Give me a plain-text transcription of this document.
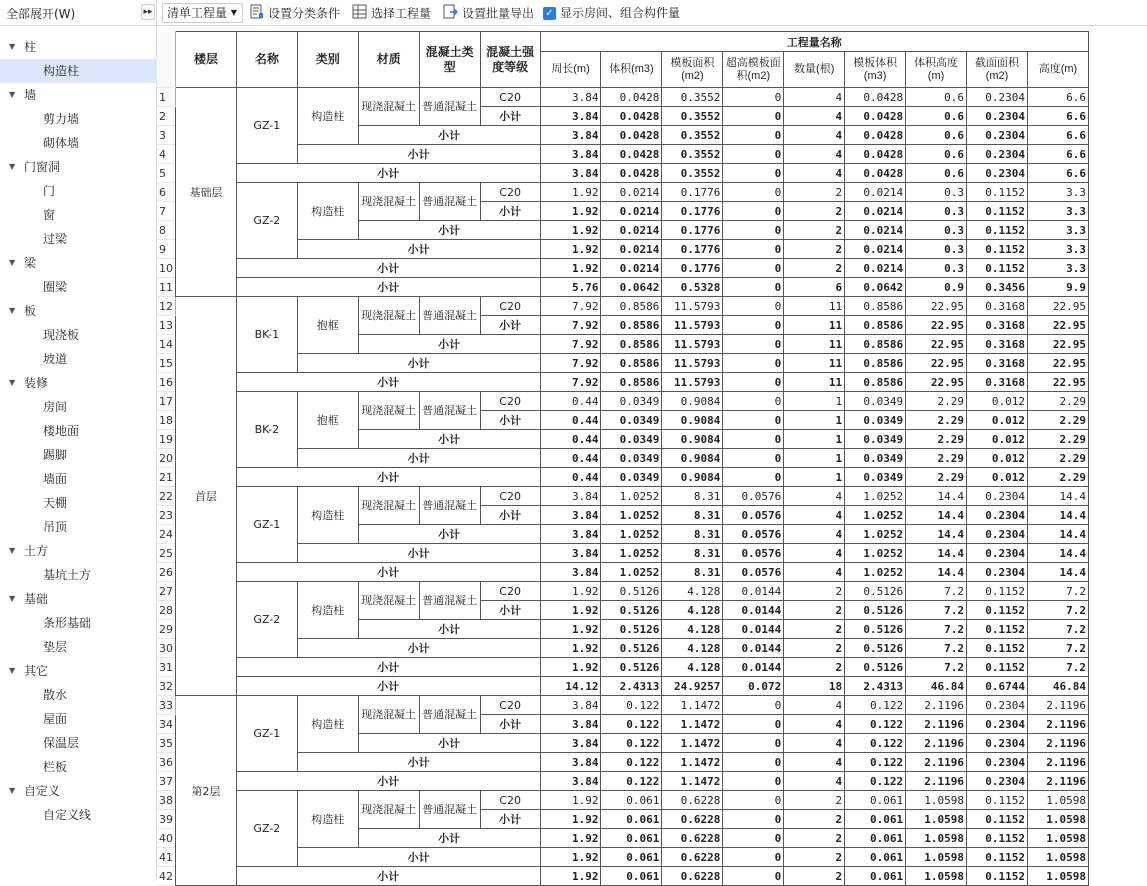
全部展开(W)	▸▸
▼ 柱
构造柱
▼ 墙
剪力墙
砌体墙
▼ 门窗洞
门
窗
过梁
▼ 梁
圈梁
▼ 板
现浇板
坡道
▼ 装修
房间
楼地面
踢脚
墙面
天棚
吊顶
▼ 土方
基坑土方
▼ 基础
条形基础
垫层
▼ 其它
散水
屋面
保温层
栏板
▼ 自定义
自定义线
清单工程量 ▼	设置分类条件	选择工程量	设置批量导出 ✓ 显示房间、组合构件量
	楼层	名称	类别	材质	混凝土类型	混凝土强度等级	工程量名称								
							周长(m)	体积(m3)	模板面积(m2)	超高模板面积(m2)	数量(根)	模板体积(m3)	体积高度(m)	截面面积(m2)	高度(m)
1	基础层	GZ-1	构造柱	现浇混凝土	普通混凝土	C20	3.84	0.0428	0.3552	0	4	0.0428	0.6	0.2304	6.6
2						小计	3.84	0.0428	0.3552	0	4	0.0428	0.6	0.2304	6.6
3				小计			3.84	0.0428	0.3552	0	4	0.0428	0.6	0.2304	6.6
4			小计				3.84	0.0428	0.3552	0	4	0.0428	0.6	0.2304	6.6
5		小计					3.84	0.0428	0.3552	0	4	0.0428	0.6	0.2304	6.6
6		GZ-2	构造柱	现浇混凝土	普通混凝土	C20	1.92	0.0214	0.1776	0	2	0.0214	0.3	0.1152	3.3
7						小计	1.92	0.0214	0.1776	0	2	0.0214	0.3	0.1152	3.3
8				小计			1.92	0.0214	0.1776	0	2	0.0214	0.3	0.1152	3.3
9			小计				1.92	0.0214	0.1776	0	2	0.0214	0.3	0.1152	3.3
10		小计					1.92	0.0214	0.1776	0	2	0.0214	0.3	0.1152	3.3
11		小计					5.76	0.0642	0.5328	0	6	0.0642	0.9	0.3456	9.9
12	首层	BK-1	抱框	现浇混凝土	普通混凝土	C20	7.92	0.8586	11.5793	0	11	0.8586	22.95	0.3168	22.95
13						小计	7.92	0.8586	11.5793	0	11	0.8586	22.95	0.3168	22.95
14				小计			7.92	0.8586	11.5793	0	11	0.8586	22.95	0.3168	22.95
15			小计				7.92	0.8586	11.5793	0	11	0.8586	22.95	0.3168	22.95
16		小计					7.92	0.8586	11.5793	0	11	0.8586	22.95	0.3168	22.95
17		BK-2	抱框	现浇混凝土	普通混凝土	C20	0.44	0.0349	0.9084	0	1	0.0349	2.29	0.012	2.29
18						小计	0.44	0.0349	0.9084	0	1	0.0349	2.29	0.012	2.29
19				小计			0.44	0.0349	0.9084	0	1	0.0349	2.29	0.012	2.29
20			小计				0.44	0.0349	0.9084	0	1	0.0349	2.29	0.012	2.29
21		小计					0.44	0.0349	0.9084	0	1	0.0349	2.29	0.012	2.29
22		GZ-1	构造柱	现浇混凝土	普通混凝土	C20	3.84	1.0252	8.31	0.0576	4	1.0252	14.4	0.2304	14.4
23						小计	3.84	1.0252	8.31	0.0576	4	1.0252	14.4	0.2304	14.4
24				小计			3.84	1.0252	8.31	0.0576	4	1.0252	14.4	0.2304	14.4
25			小计				3.84	1.0252	8.31	0.0576	4	1.0252	14.4	0.2304	14.4
26		小计					3.84	1.0252	8.31	0.0576	4	1.0252	14.4	0.2304	14.4
27		GZ-2	构造柱	现浇混凝土	普通混凝土	C20	1.92	0.5126	4.128	0.0144	2	0.5126	7.2	0.1152	7.2
28						小计	1.92	0.5126	4.128	0.0144	2	0.5126	7.2	0.1152	7.2
29				小计			1.92	0.5126	4.128	0.0144	2	0.5126	7.2	0.1152	7.2
30			小计				1.92	0.5126	4.128	0.0144	2	0.5126	7.2	0.1152	7.2
31		小计					1.92	0.5126	4.128	0.0144	2	0.5126	7.2	0.1152	7.2
32		小计					14.12	2.4313	24.9257	0.072	18	2.4313	46.84	0.6744	46.84
33	第2层	GZ-1	构造柱	现浇混凝土	普通混凝土	C20	3.84	0.122	1.1472	0	4	0.122	2.1196	0.2304	2.1196
34						小计	3.84	0.122	1.1472	0	4	0.122	2.1196	0.2304	2.1196
35				小计			3.84	0.122	1.1472	0	4	0.122	2.1196	0.2304	2.1196
36			小计				3.84	0.122	1.1472	0	4	0.122	2.1196	0.2304	2.1196
37		小计					3.84	0.122	1.1472	0	4	0.122	2.1196	0.2304	2.1196
38		GZ-2	构造柱	现浇混凝土	普通混凝土	C20	1.92	0.061	0.6228	0	2	0.061	1.0598	0.1152	1.0598
39						小计	1.92	0.061	0.6228	0	2	0.061	1.0598	0.1152	1.0598
40				小计			1.92	0.061	0.6228	0	2	0.061	1.0598	0.1152	1.0598
41			小计				1.92	0.061	0.6228	0	2	0.061	1.0598	0.1152	1.0598
42		小计					1.92	0.061	0.6228	0	2	0.061	1.0598	0.1152	1.0598
